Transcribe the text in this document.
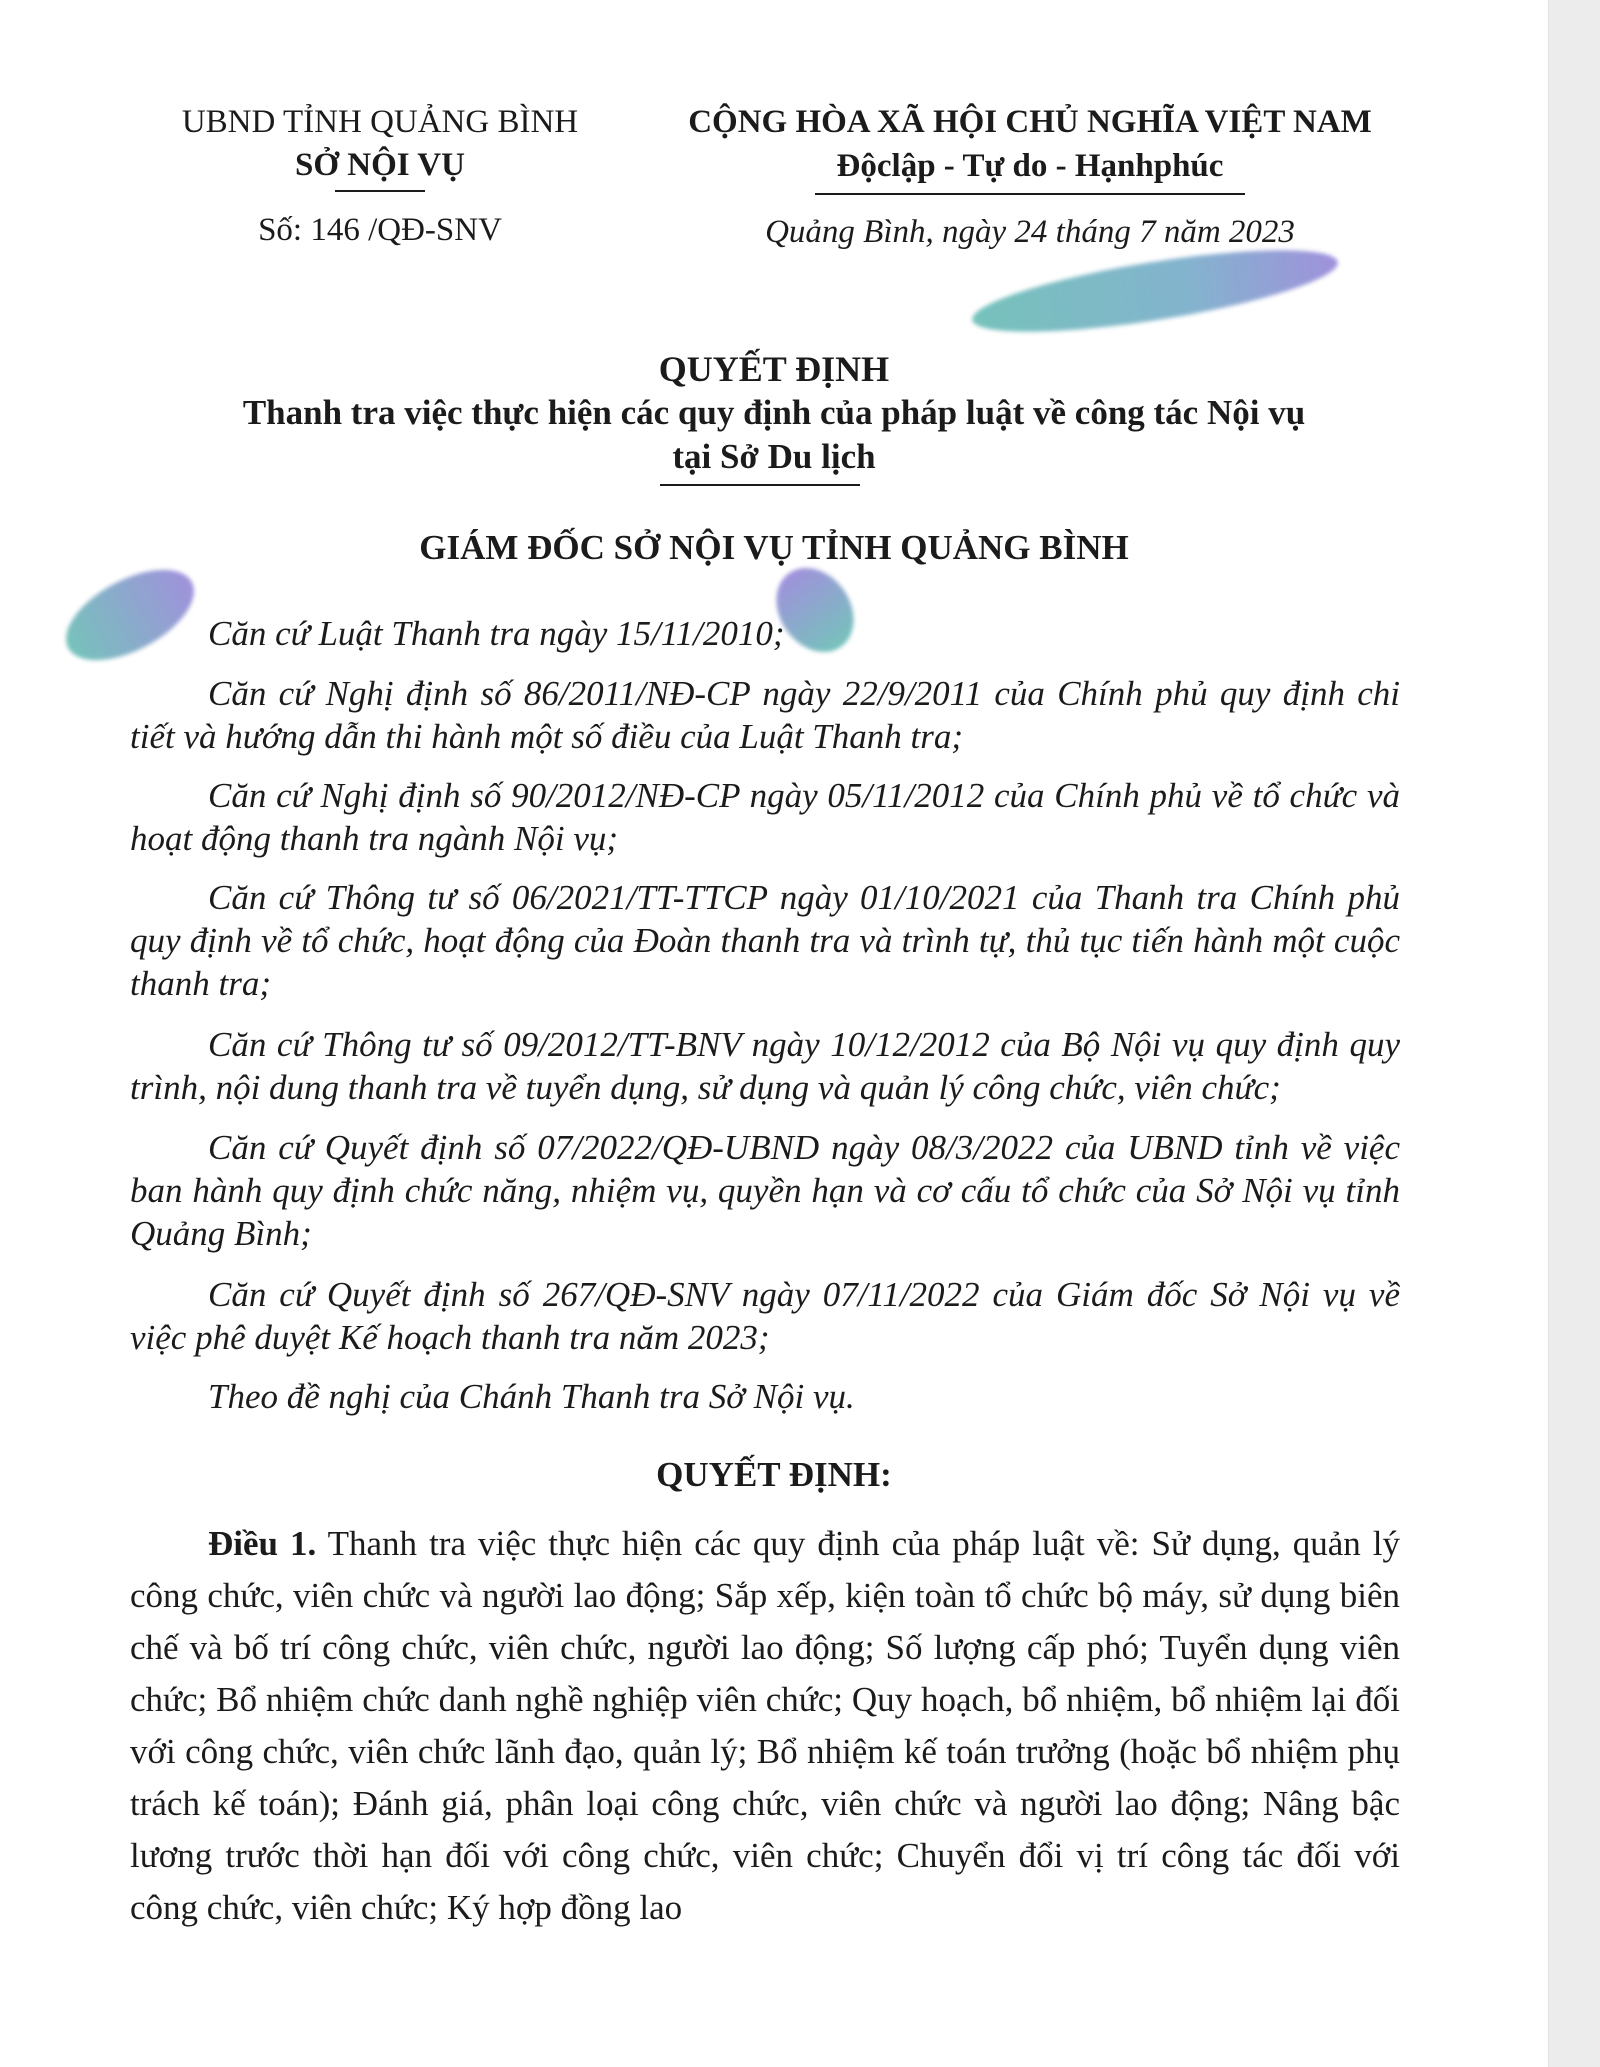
UBND TỈNH QUẢNG BÌNH
SỞ NỘI VỤ
Số: 146 /QĐ-SNV
CỘNG HÒA XÃ HỘI CHỦ NGHĨA VIỆT NAM
Độclập - Tự do - Hạnhphúc
Quảng Bình, ngày 24 tháng 7 năm 2023
QUYẾT ĐỊNH
Thanh tra việc thực hiện các quy định của pháp luật về công tác Nội vụ
tại Sở Du lịch
GIÁM ĐỐC SỞ NỘI VỤ TỈNH QUẢNG BÌNH

Căn cứ Luật Thanh tra ngày 15/11/2010;

Căn cứ Nghị định số 86/2011/NĐ-CP ngày 22/9/2011 của Chính phủ quy định chi tiết và hướng dẫn thi hành một số điều của Luật Thanh tra;

Căn cứ Nghị định số 90/2012/NĐ-CP ngày 05/11/2012 của Chính phủ về tổ chức và hoạt động thanh tra ngành Nội vụ;

Căn cứ Thông tư số 06/2021/TT-TTCP ngày 01/10/2021 của Thanh tra Chính phủ quy định về tổ chức, hoạt động của Đoàn thanh tra và trình tự, thủ tục tiến hành một cuộc thanh tra;

Căn cứ Thông tư số 09/2012/TT-BNV ngày 10/12/2012 của Bộ Nội vụ quy định quy trình, nội dung thanh tra về tuyển dụng, sử dụng và quản lý công chức, viên chức;

Căn cứ Quyết định số 07/2022/QĐ-UBND ngày 08/3/2022 của UBND tỉnh về việc ban hành quy định chức năng, nhiệm vụ, quyền hạn và cơ cấu tổ chức của Sở Nội vụ tỉnh Quảng Bình;

Căn cứ Quyết định số 267/QĐ-SNV ngày 07/11/2022 của Giám đốc Sở Nội vụ về việc phê duyệt Kế hoạch thanh tra năm 2023;

Theo đề nghị của Chánh Thanh tra Sở Nội vụ.

QUYẾT ĐỊNH:

Điều 1. Thanh tra việc thực hiện các quy định của pháp luật về: Sử dụng, quản lý công chức, viên chức và người lao động; Sắp xếp, kiện toàn tổ chức bộ máy, sử dụng biên chế và bố trí công chức, viên chức, người lao động; Số lượng cấp phó; Tuyển dụng viên chức; Bổ nhiệm chức danh nghề nghiệp viên chức; Quy hoạch, bổ nhiệm, bổ nhiệm lại đối với công chức, viên chức lãnh đạo, quản lý; Bổ nhiệm kế toán trưởng (hoặc bổ nhiệm phụ trách kế toán); Đánh giá, phân loại công chức, viên chức và người lao động; Nâng bậc lương trước thời hạn đối với công chức, viên chức; Chuyển đổi vị trí công tác đối với công chức, viên chức; Ký hợp đồng lao
